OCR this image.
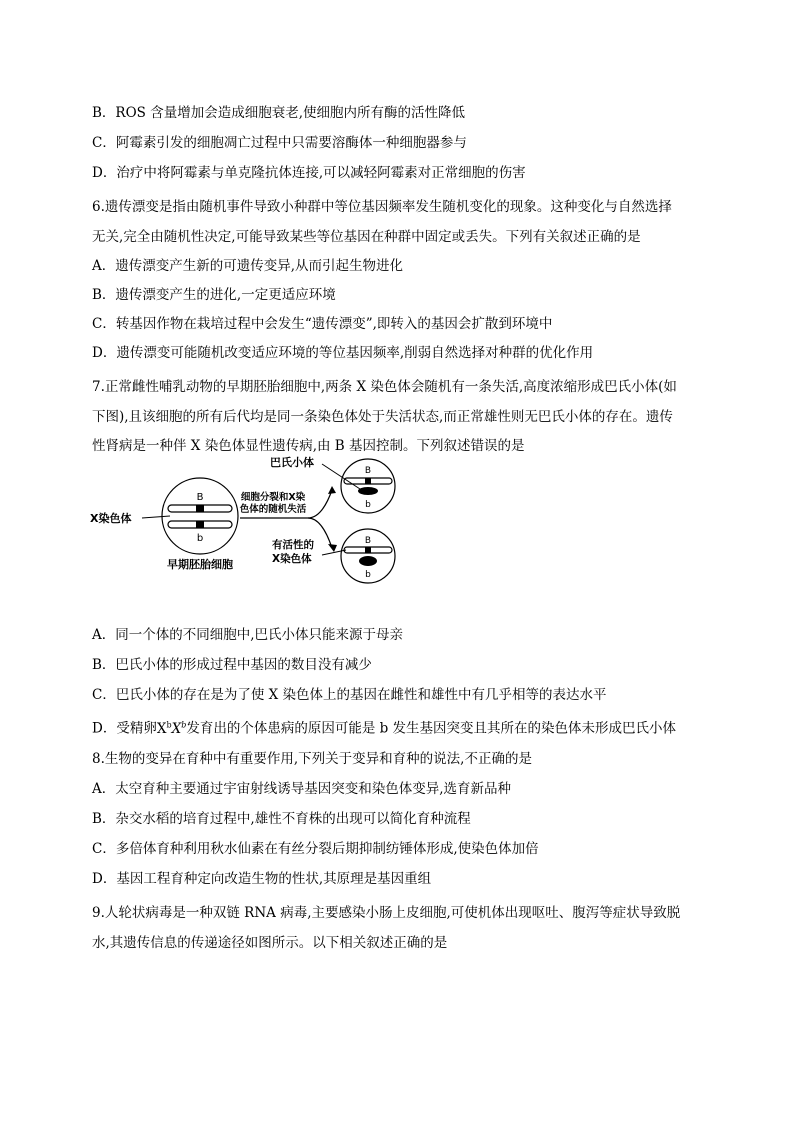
B．ROS 含量增加会造成细胞衰老,使细胞内所有酶的活性降低
C．阿霉素引发的细胞凋亡过程中只需要溶酶体一种细胞器参与
D．治疗中将阿霉素与单克隆抗体连接,可以减轻阿霉素对正常细胞的伤害
6.遗传漂变是指由随机事件导致小种群中等位基因频率发生随机变化的现象。这种变化与自然选择
无关,完全由随机性决定,可能导致某些等位基因在种群中固定或丢失。下列有关叙述正确的是
A．遗传漂变产生新的可遗传变异,从而引起生物进化
B．遗传漂变产生的进化,一定更适应环境
C．转基因作物在栽培过程中会发生“遗传漂变”,即转入的基因会扩散到环境中
D．遗传漂变可能随机改变适应环境的等位基因频率,削弱自然选择对种群的优化作用
7.正常雌性哺乳动物的早期胚胎细胞中,两条 X 染色体会随机有一条失活,高度浓缩形成巴氏小体(如
下图),且该细胞的所有后代均是同一条染色体处于失活状态,而正常雄性则无巴氏小体的存在。遗传
性肾病是一种伴 X 染色体显性遗传病,由 B 基因控制。下列叙述错误的是
B
b
X染色体
早期胚胎细胞
细胞分裂和X染
色体的随机失活
B
b
巴氏小体
B
b
有活性的
X染色体
A．同一个体的不同细胞中,巴氏小体只能来源于母亲
B．巴氏小体的形成过程中基因的数目没有减少
C．巴氏小体的存在是为了使 X 染色体上的基因在雌性和雄性中有几乎相等的表达水平
D．受精卵$X^bX^b$发育出的个体患病的原因可能是 b 发生基因突变且其所在的染色体未形成巴氏小体
8.生物的变异在育种中有重要作用,下列关于变异和育种的说法,不正确的是
A．太空育种主要通过宇宙射线诱导基因突变和染色体变异,选育新品种
B．杂交水稻的培育过程中,雄性不育株的出现可以简化育种流程
C．多倍体育种利用秋水仙素在有丝分裂后期抑制纺锤体形成,使染色体加倍
D．基因工程育种定向改造生物的性状,其原理是基因重组
9.人轮状病毒是一种双链 RNA 病毒,主要感染小肠上皮细胞,可使机体出现呕吐、腹泻等症状导致脱
水,其遗传信息的传递途径如图所示。以下相关叙述正确的是
